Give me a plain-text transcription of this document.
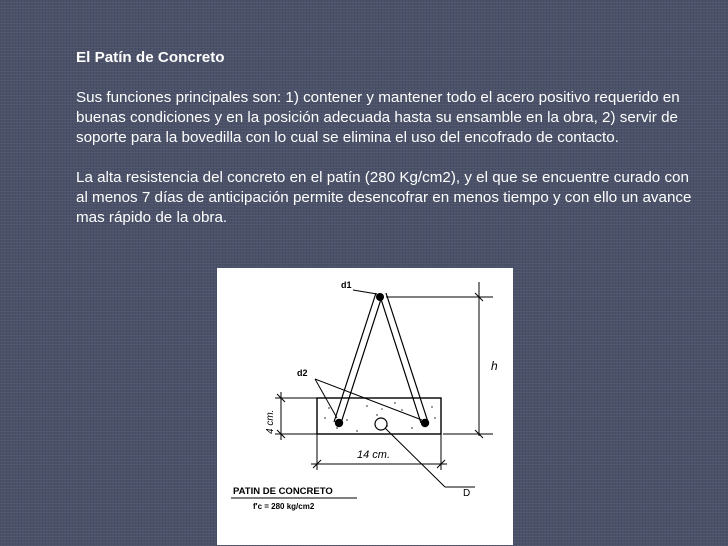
El Patín de Concreto
Sus funciones principales son: 1) contener y mantener todo el acero positivo requerido en buenas condiciones y en la posición adecuada hasta su ensamble en la obra, 2) servir de soporte para la bovedilla con lo cual se elimina el uso del encofrado de contacto.
La alta resistencia del concreto en el patín (280 Kg/cm2), y el que se encuentre curado con al menos 7 días de anticipación permite desencofrar en menos tiempo y con ello un avance mas rápido de la obra.
d1
d2	h
4 cm.
14 cm.
D
PATIN DE CONCRETO
f'c = 280 kg/cm2
